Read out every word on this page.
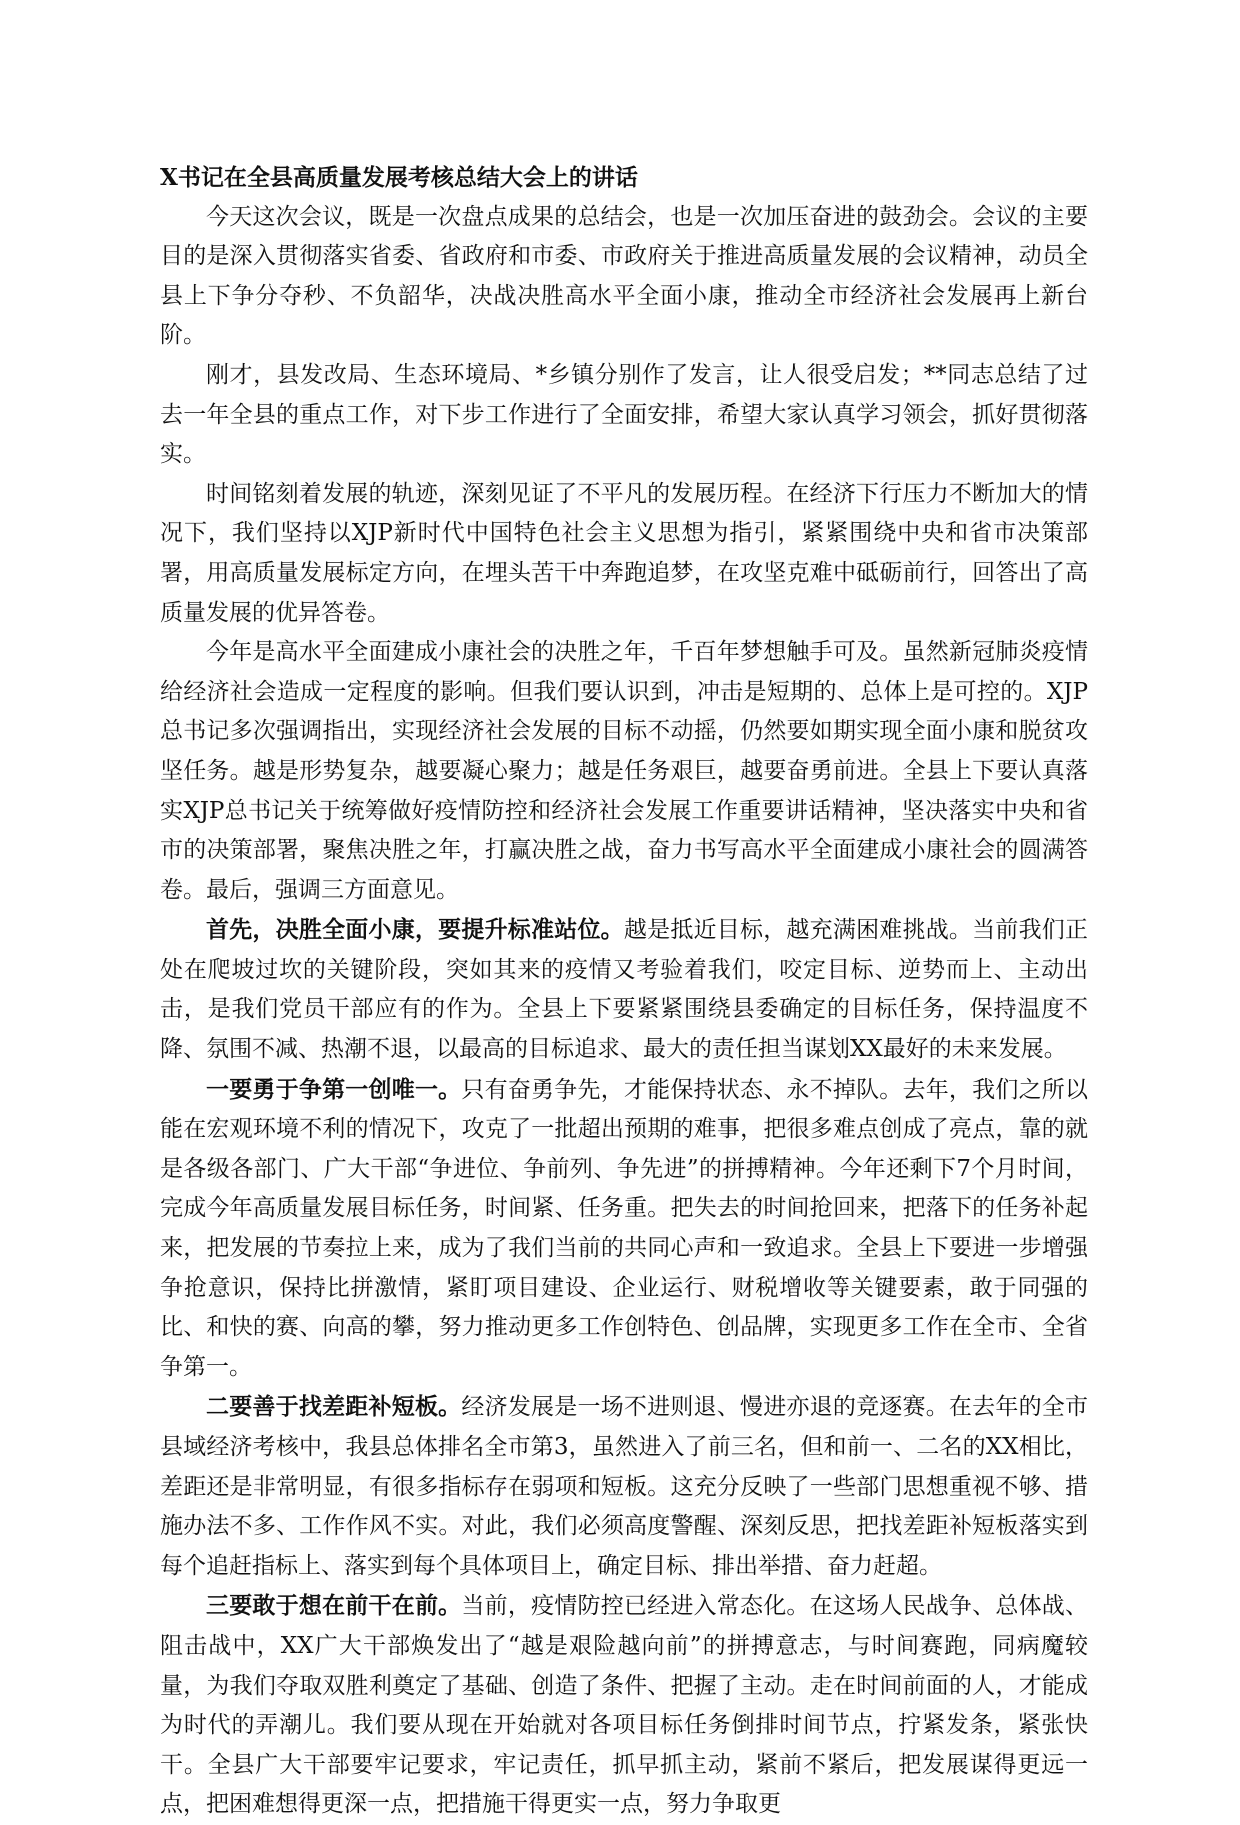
X书记在全县高质量发展考核总结大会上的讲话

今天这次会议，既是一次盘点成果的总结会，也是一次加压奋进的鼓劲会。会议的主要目的是深入贯彻落实省委、省政府和市委、市政府关于推进高质量发展的会议精神，动员全县上下争分夺秒、不负韶华，决战决胜高水平全面小康，推动全市经济社会发展再上新台阶。

刚才，县发改局、生态环境局、*乡镇分别作了发言，让人很受启发；**同志总结了过去一年全县的重点工作，对下步工作进行了全面安排，希望大家认真学习领会，抓好贯彻落实。

时间铭刻着发展的轨迹，深刻见证了不平凡的发展历程。在经济下行压力不断加大的情况下，我们坚持以XJP新时代中国特色社会主义思想为指引，紧紧围绕中央和省市决策部署，用高质量发展标定方向，在埋头苦干中奔跑追梦，在攻坚克难中砥砺前行，回答出了高质量发展的优异答卷。

今年是高水平全面建成小康社会的决胜之年，千百年梦想触手可及。虽然新冠肺炎疫情给经济社会造成一定程度的影响。但我们要认识到，冲击是短期的、总体上是可控的。XJP总书记多次强调指出，实现经济社会发展的目标不动摇，仍然要如期实现全面小康和脱贫攻坚任务。越是形势复杂，越要凝心聚力；越是任务艰巨，越要奋勇前进。全县上下要认真落实XJP总书记关于统筹做好疫情防控和经济社会发展工作重要讲话精神，坚决落实中央和省市的决策部署，聚焦决胜之年，打赢决胜之战，奋力书写高水平全面建成小康社会的圆满答卷。最后，强调三方面意见。

首先，决胜全面小康，要提升标准站位。越是抵近目标，越充满困难挑战。当前我们正处在爬坡过坎的关键阶段，突如其来的疫情又考验着我们，咬定目标、逆势而上、主动出击，是我们党员干部应有的作为。全县上下要紧紧围绕县委确定的目标任务，保持温度不降、氛围不减、热潮不退，以最高的目标追求、最大的责任担当谋划XX最好的未来发展。

一要勇于争第一创唯一。只有奋勇争先，才能保持状态、永不掉队。去年，我们之所以能在宏观环境不利的情况下，攻克了一批超出预期的难事，把很多难点创成了亮点，靠的就是各级各部门、广大干部“争进位、争前列、争先进”的拼搏精神。今年还剩下7个月时间，完成今年高质量发展目标任务，时间紧、任务重。把失去的时间抢回来，把落下的任务补起来，把发展的节奏拉上来，成为了我们当前的共同心声和一致追求。全县上下要进一步增强争抢意识，保持比拼激情，紧盯项目建设、企业运行、财税增收等关键要素，敢于同强的比、和快的赛、向高的攀，努力推动更多工作创特色、创品牌，实现更多工作在全市、全省争第一。

二要善于找差距补短板。经济发展是一场不进则退、慢进亦退的竞逐赛。在去年的全市县域经济考核中，我县总体排名全市第3，虽然进入了前三名，但和前一、二名的XX相比，差距还是非常明显，有很多指标存在弱项和短板。这充分反映了一些部门思想重视不够、措施办法不多、工作作风不实。对此，我们必须高度警醒、深刻反思，把找差距补短板落实到每个追赶指标上、落实到每个具体项目上，确定目标、排出举措、奋力赶超。

三要敢于想在前干在前。当前，疫情防控已经进入常态化。在这场人民战争、总体战、阻击战中，XX广大干部焕发出了“越是艰险越向前”的拼搏意志，与时间赛跑，同病魔较量，为我们夺取双胜利奠定了基础、创造了条件、把握了主动。走在时间前面的人，才能成为时代的弄潮儿。我们要从现在开始就对各项目标任务倒排时间节点，拧紧发条，紧张快干。全县广大干部要牢记要求，牢记责任，抓早抓主动，紧前不紧后，把发展谋得更远一点，把困难想得更深一点，把措施干得更实一点，努力争取更
